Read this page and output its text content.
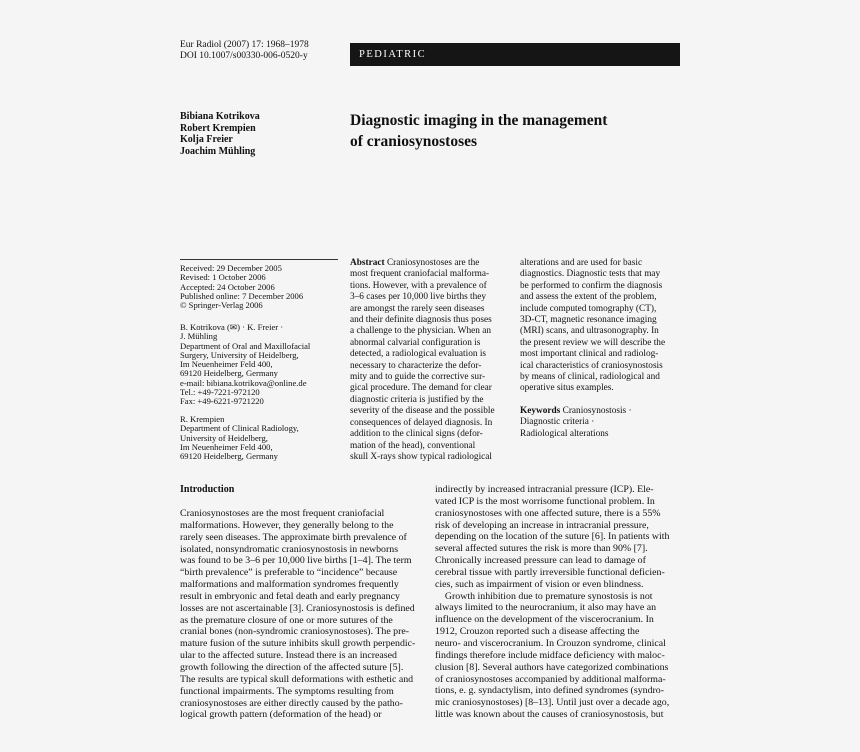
Eur Radiol (2007) 17: 1968–1978
DOI 10.1007/s00330-006-0520-y	PEDIATRIC
Bibiana Kotrikova
Robert Krempien
Kolja Freier
Joachim Mühling
Diagnostic imaging in the management
of craniosynostoses
Received: 29 December 2005
Revised: 1 October 2006
Accepted: 24 October 2006
Published online: 7 December 2006
© Springer-Verlag 2006
B. Kotrikova (✉) · K. Freier ·
J. Mühling
Department of Oral and Maxillofacial
Surgery, University of Heidelberg,
Im Neuenheimer Feld 400,
69120 Heidelberg, Germany
e-mail: bibiana.kotrikova@online.de
Tel.: +49-7221-972120
Fax: +49-6221-9721220
R. Krempien
Department of Clinical Radiology,
University of Heidelberg,
Im Neuenheimer Feld 400,
69120 Heidelberg, Germany
Abstract Craniosynostoses are the
most frequent craniofacial malforma-
tions. However, with a prevalence of
3–6 cases per 10,000 live births they
are amongst the rarely seen diseases
and their definite diagnosis thus poses
a challenge to the physician. When an
abnormal calvarial configuration is
detected, a radiological evaluation is
necessary to characterize the defor-
mity and to guide the corrective sur-
gical procedure. The demand for clear
diagnostic criteria is justified by the
severity of the disease and the possible
consequences of delayed diagnosis. In
addition to the clinical signs (defor-
mation of the head), conventional
skull X-rays show typical radiological
alterations and are used for basic
diagnostics. Diagnostic tests that may
be performed to confirm the diagnosis
and assess the extent of the problem,
include computed tomography (CT),
3D-CT, magnetic resonance imaging
(MRI) scans, and ultrasonography. In
the present review we will describe the
most important clinical and radiolog-
ical characteristics of craniosynostosis
by means of clinical, radiological and
operative situs examples.
Keywords Craniosynostosis ·
Diagnostic criteria ·
Radiological alterations
Introduction
Craniosynostoses are the most frequent craniofacial
malformations. However, they generally belong to the
rarely seen diseases. The approximate birth prevalence of
isolated, nonsyndromatic craniosynostosis in newborns
was found to be 3–6 per 10,000 live births [1–4]. The term
“birth prevalence” is preferable to “incidence” because
malformations and malformation syndromes frequently
result in embryonic and fetal death and early pregnancy
losses are not ascertainable [3]. Craniosynostosis is defined
as the premature closure of one or more sutures of the
cranial bones (non-syndromic craniosynostoses). The pre-
mature fusion of the suture inhibits skull growth perpendic-
ular to the affected suture. Instead there is an increased
growth following the direction of the affected suture [5].
The results are typical skull deformations with esthetic and
functional impairments. The symptoms resulting from
craniosynostoses are either directly caused by the patho-
logical growth pattern (deformation of the head) or
indirectly by increased intracranial pressure (ICP). Ele-
vated ICP is the most worrisome functional problem. In
craniosynostoses with one affected suture, there is a 55%
risk of developing an increase in intracranial pressure,
depending on the location of the suture [6]. In patients with
several affected sutures the risk is more than 90% [7].
Chronically increased pressure can lead to damage of
cerebral tissue with partly irreversible functional deficien-
cies, such as impairment of vision or even blindness.
Growth inhibition due to premature synostosis is not
always limited to the neurocranium, it also may have an
influence on the development of the viscerocranium. In
1912, Crouzon reported such a disease affecting the
neuro- and viscerocranium. In Crouzon syndrome, clinical
findings therefore include midface deficiency with maloc-
clusion [8]. Several authors have categorized combinations
of craniosynostoses accompanied by additional malforma-
tions, e. g. syndactylism, into defined syndromes (syndro-
mic craniosynostoses) [8–13]. Until just over a decade ago,
little was known about the causes of craniosynostosis, but
